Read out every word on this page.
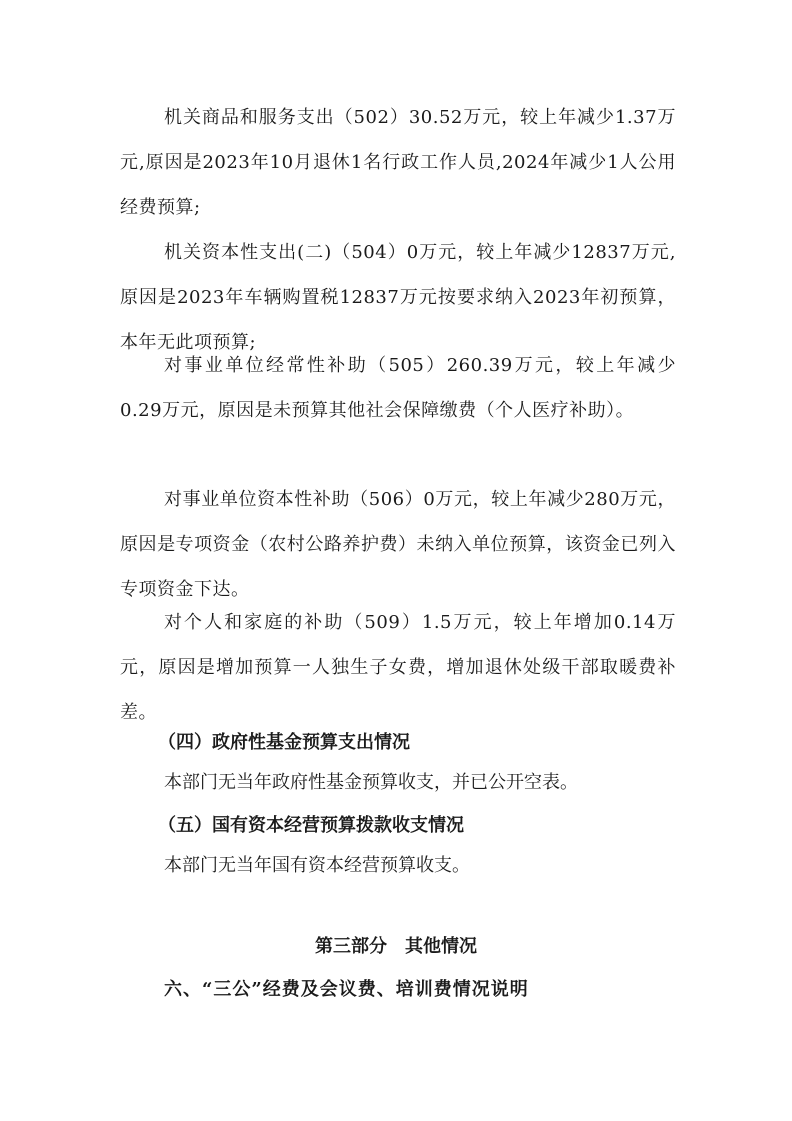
机关商品和服务支出（502）30.52万元，较上年减少1.37万元,原因是2023年10月退休1名行政工作人员,2024年减少1人公用经费预算;

机关资本性支出(二)（504）0万元，较上年减少12837万元,原因是2023年车辆购置税12837万元按要求纳入2023年初预算，本年无此项预算;

对事业单位经常性补助（505）260.39万元，较上年减少0.29万元，原因是未预算其他社会保障缴费（个人医疗补助）。

对事业单位资本性补助（506）0万元，较上年减少280万元，原因是专项资金（农村公路养护费）未纳入单位预算，该资金已列入专项资金下达。

对个人和家庭的补助（509）1.5万元，较上年增加0.14万元，原因是增加预算一人独生子女费，增加退休处级干部取暖费补差。

（四）政府性基金预算支出情况

本部门无当年政府性基金预算收支，并已公开空表。

（五）国有资本经营预算拨款收支情况

本部门无当年国有资本经营预算收支。

第三部分　其他情况

六、“三公”经费及会议费、培训费情况说明
